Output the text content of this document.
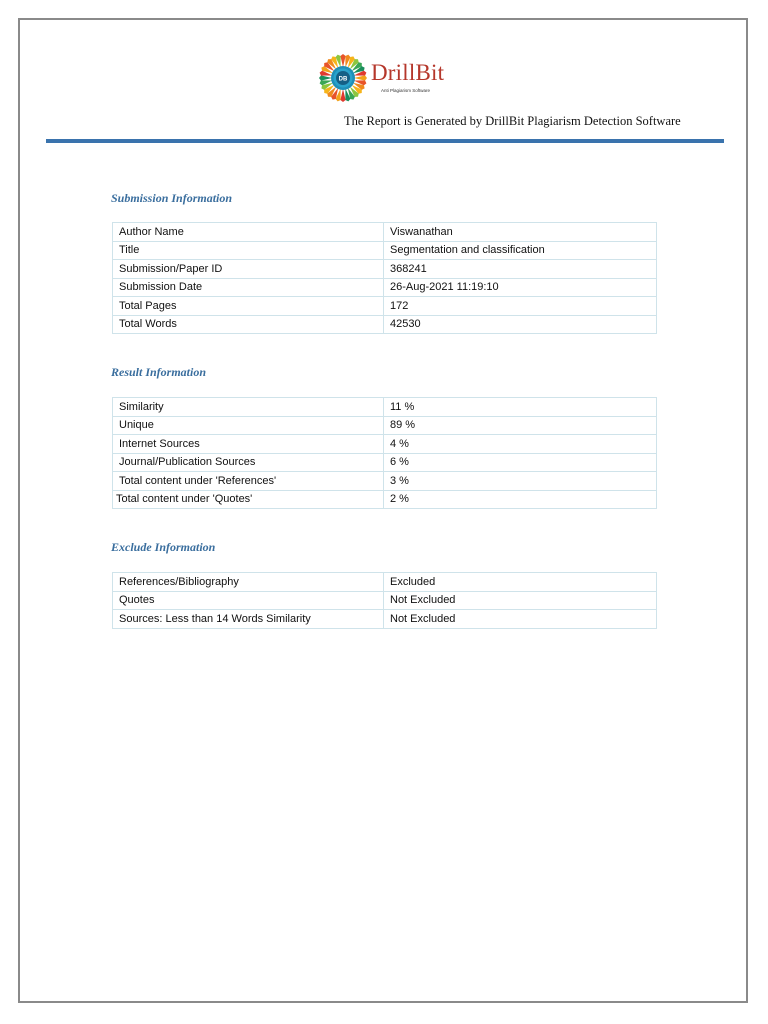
DB DrillBit
Anti Plagiarism Software
The Report is Generated by DrillBit Plagiarism Detection Software
Submission Information
Author Name	Viswanathan
Title	Segmentation and classification
Submission/Paper ID	368241
Submission Date	26-Aug-2021 11:19:10
Total Pages	172
Total Words	42530
Result Information
Similarity	11 %
Unique	89 %
Internet Sources	4 %
Journal/Publication Sources	6 %
Total content under 'References'	3 %
Total content under 'Quotes'	2 %
Exclude Information
References/Bibliography	Excluded
Quotes	Not Excluded
Sources: Less than 14 Words Similarity	Not Excluded
